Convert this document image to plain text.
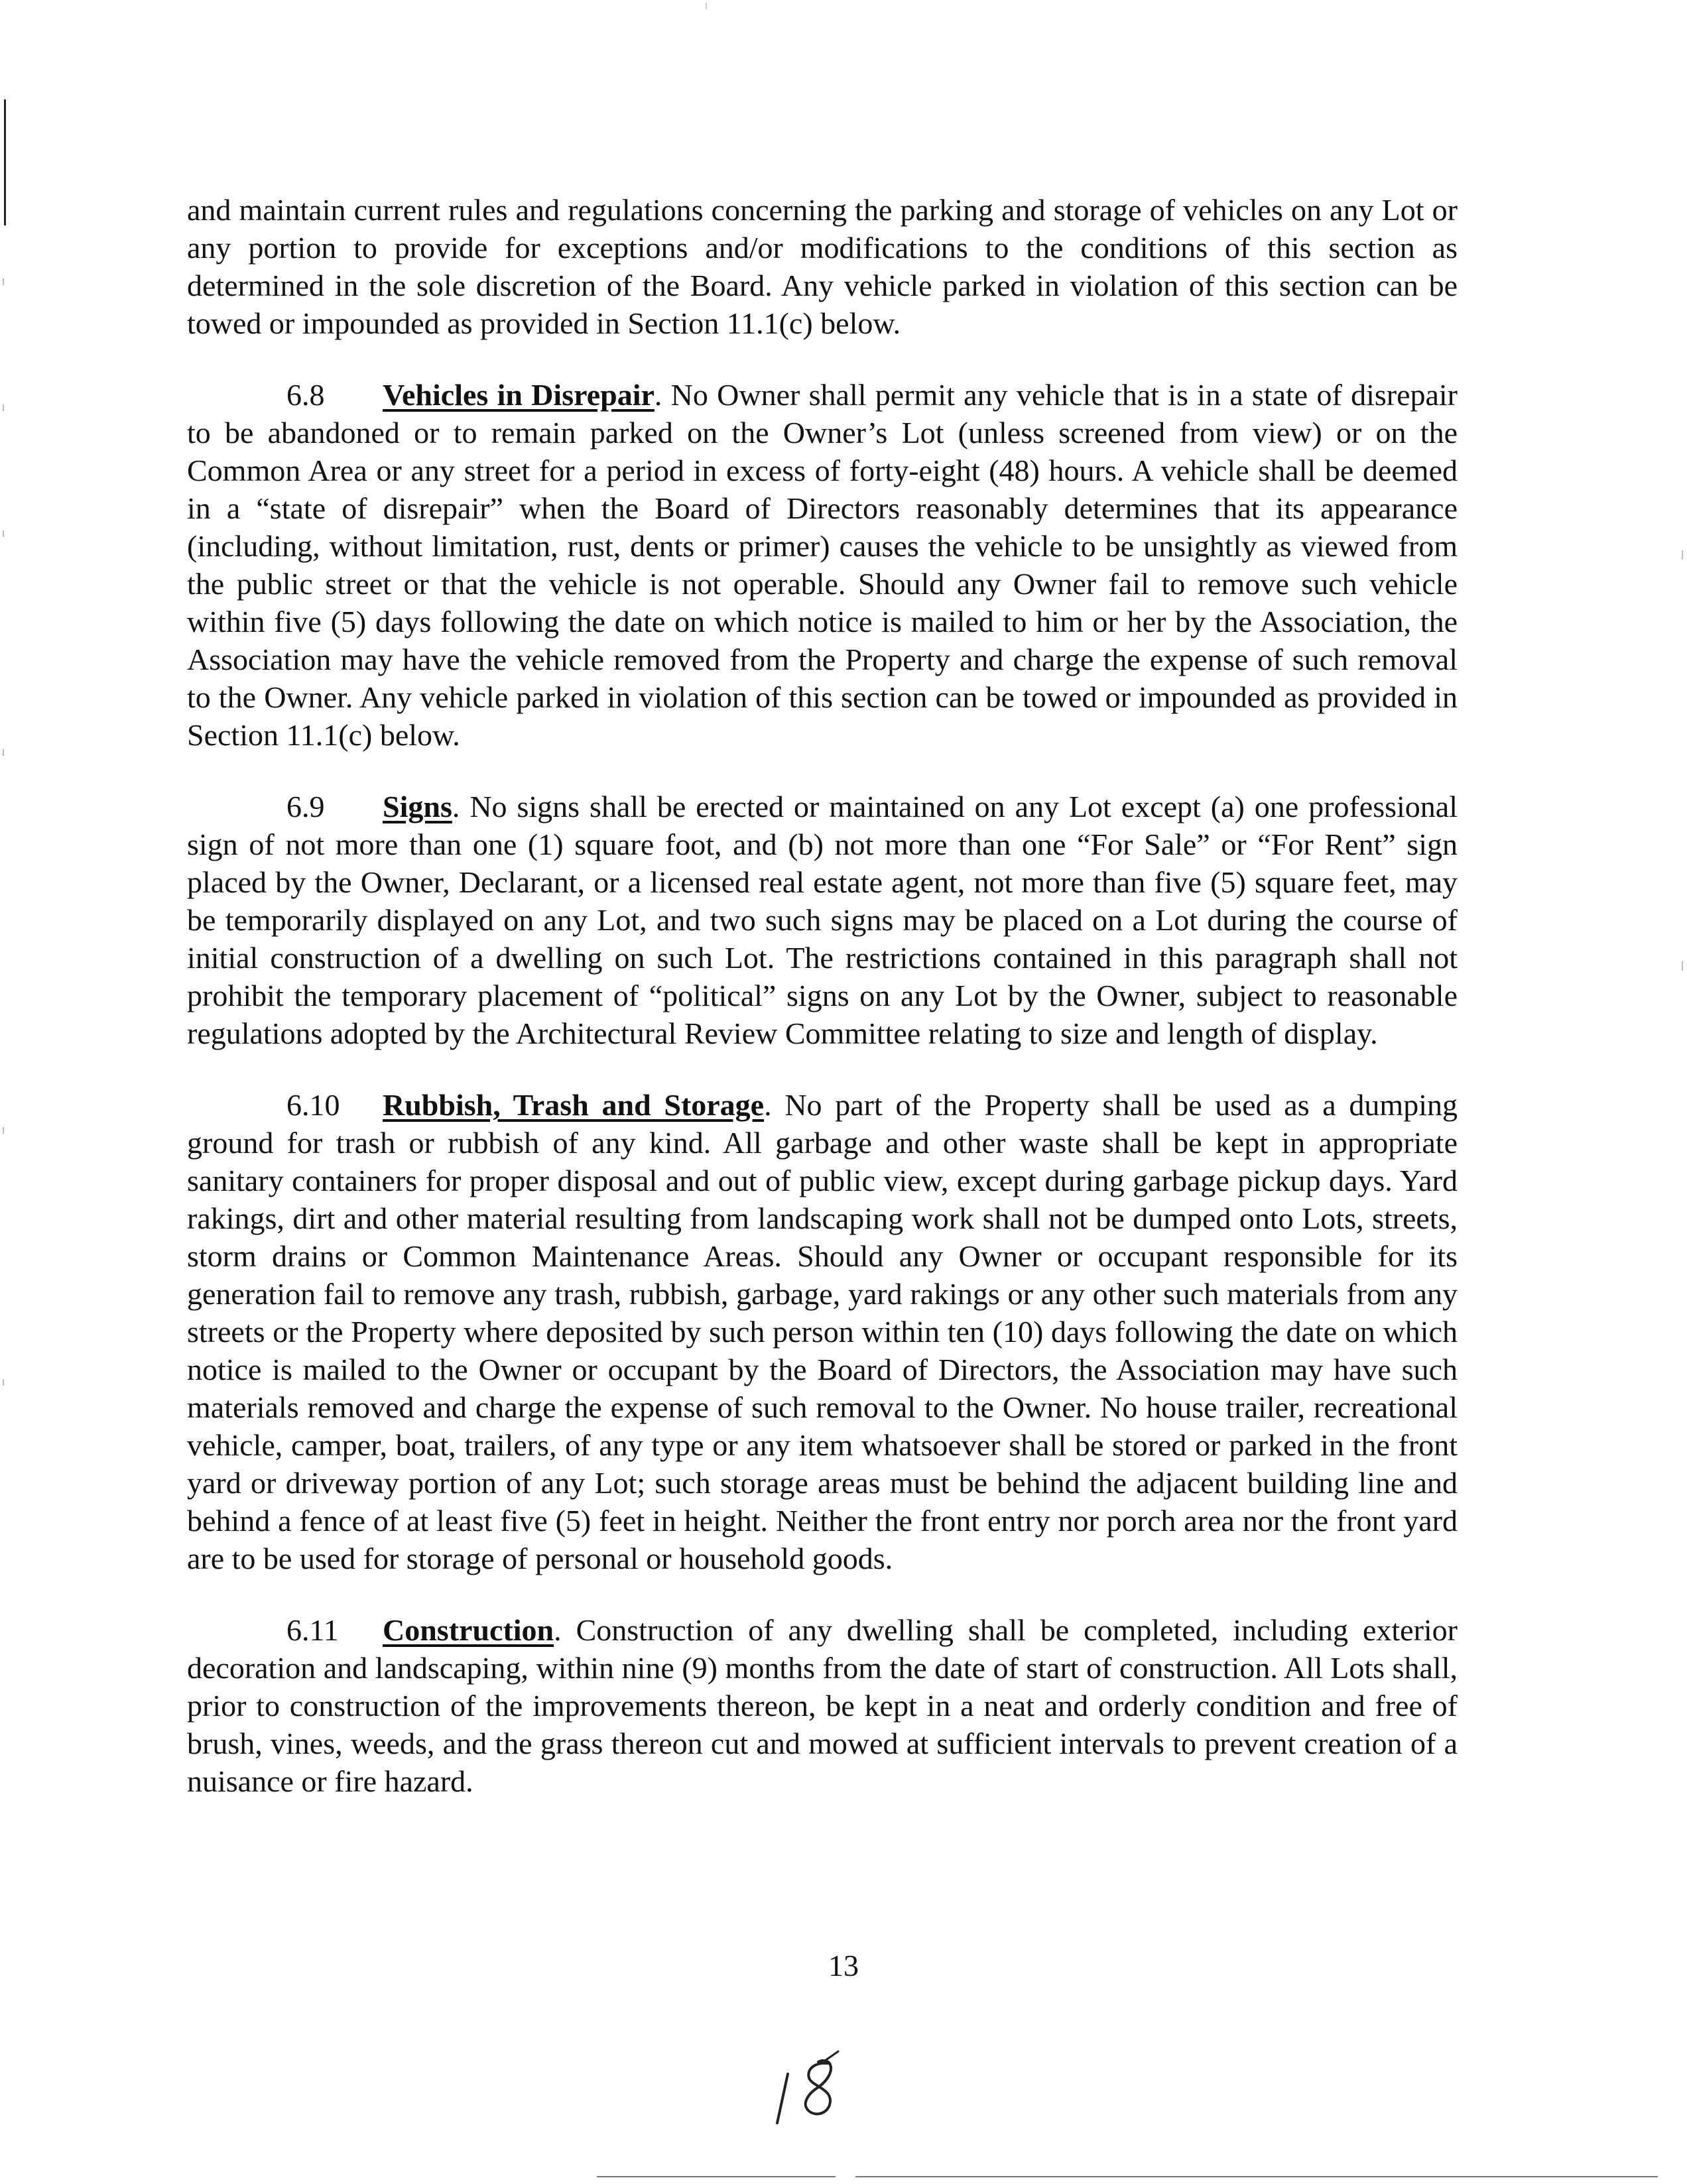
and maintain current rules and regulations concerning the parking and storage of vehicles on any Lot or any portion to provide for exceptions and/or modifications to the conditions of this section as determined in the sole discretion of the Board. Any vehicle parked in violation of this section can be towed or impounded as provided in Section 11.1(c) below.

6.8 Vehicles in Disrepair. No Owner shall permit any vehicle that is in a state of disrepair to be abandoned or to remain parked on the Owner’s Lot (unless screened from view) or on the Common Area or any street for a period in excess of forty-eight (48) hours. A vehicle shall be deemed in a “state of disrepair” when the Board of Directors reasonably determines that its appearance (including, without limitation, rust, dents or primer) causes the vehicle to be unsightly as viewed from the public street or that the vehicle is not operable. Should any Owner fail to remove such vehicle within five (5) days following the date on which notice is mailed to him or her by the Association, the Association may have the vehicle removed from the Property and charge the expense of such removal to the Owner. Any vehicle parked in violation of this section can be towed or impounded as provided in Section 11.1(c) below.

6.9 Signs. No signs shall be erected or maintained on any Lot except (a) one professional sign of not more than one (1) square foot, and (b) not more than one “For Sale” or “For Rent” sign placed by the Owner, Declarant, or a licensed real estate agent, not more than five (5) square feet, may be temporarily displayed on any Lot, and two such signs may be placed on a Lot during the course of initial construction of a dwelling on such Lot. The restrictions contained in this paragraph shall not prohibit the temporary placement of “political” signs on any Lot by the Owner, subject to reasonable regulations adopted by the Architectural Review Committee relating to size and length of display.

6.10 Rubbish, Trash and Storage. No part of the Property shall be used as a dumping ground for trash or rubbish of any kind. All garbage and other waste shall be kept in appropriate sanitary containers for proper disposal and out of public view, except during garbage pickup days. Yard rakings, dirt and other material resulting from landscaping work shall not be dumped onto Lots, streets, storm drains or Common Maintenance Areas. Should any Owner or occupant responsible for its generation fail to remove any trash, rubbish, garbage, yard rakings or any other such materials from any streets or the Property where deposited by such person within ten (10) days following the date on which notice is mailed to the Owner or occupant by the Board of Directors, the Association may have such materials removed and charge the expense of such removal to the Owner. No house trailer, recreational vehicle, camper, boat, trailers, of any type or any item whatsoever shall be stored or parked in the front yard or driveway portion of any Lot; such storage areas must be behind the adjacent building line and behind a fence of at least five (5) feet in height. Neither the front entry nor porch area nor the front yard are to be used for storage of personal or household goods.

6.11 Construction. Construction of any dwelling shall be completed, including exterior decoration and landscaping, within nine (9) months from the date of start of construction. All Lots shall, prior to construction of the improvements thereon, be kept in a neat and orderly condition and free of brush, vines, weeds, and the grass thereon cut and mowed at sufficient intervals to prevent creation of a nuisance or fire hazard.

13
